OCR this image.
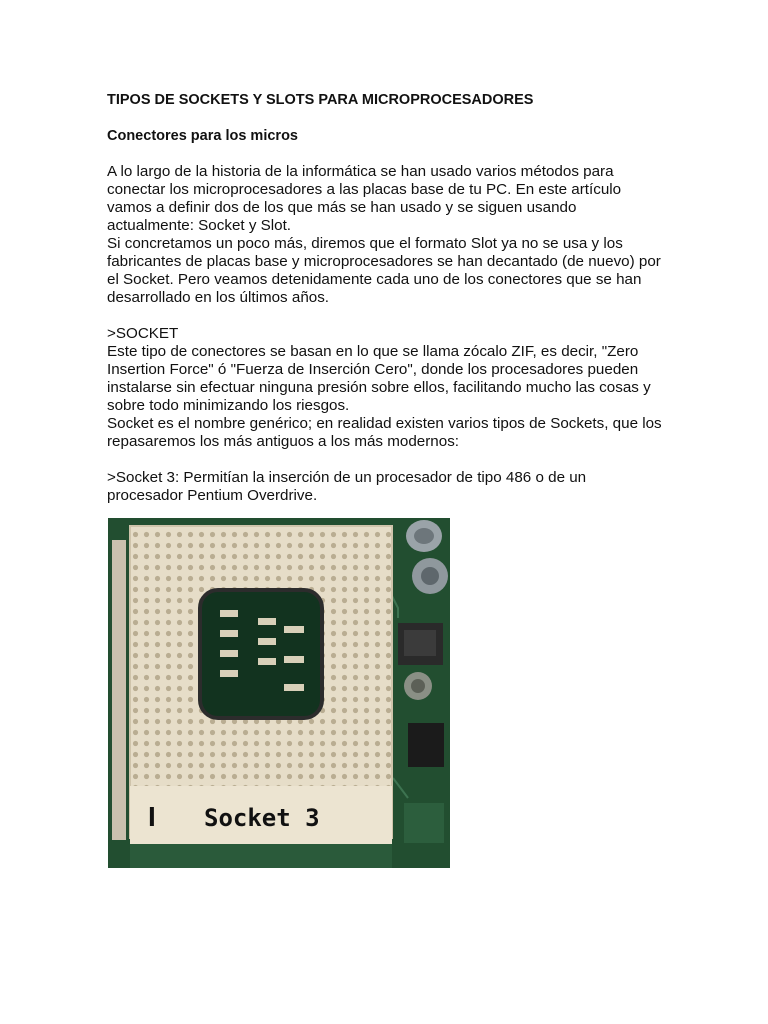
TIPOS DE SOCKETS Y SLOTS PARA MICROPROCESADORES

Conectores para los micros

A lo largo de la historia de la informática se han usado varios métodos para
conectar los microprocesadores a las placas base de tu PC. En este artículo
vamos a definir dos de los que más se han usado y se siguen usando
actualmente: Socket y Slot.
Si concretamos un poco más, diremos que el formato Slot ya no se usa y los
fabricantes de placas base y microprocesadores se han decantado (de nuevo) por
el Socket. Pero veamos detenidamente cada uno de los conectores que se han
desarrollado en los últimos años.

>SOCKET
Este tipo de conectores se basan en lo que se llama zócalo ZIF, es decir, "Zero
Insertion Force" ó "Fuerza de Inserción Cero", donde los procesadores pueden
instalarse sin efectuar ninguna presión sobre ellos, facilitando mucho las cosas y
sobre todo minimizando los riesgos.
Socket es el nombre genérico; en realidad existen varios tipos de Sockets, que los
repasaremos los más antiguos a los más modernos:

>Socket 3: Permitían la inserción de un procesador de tipo 486 o de un
procesador Pentium Overdrive.

I Socket 3
